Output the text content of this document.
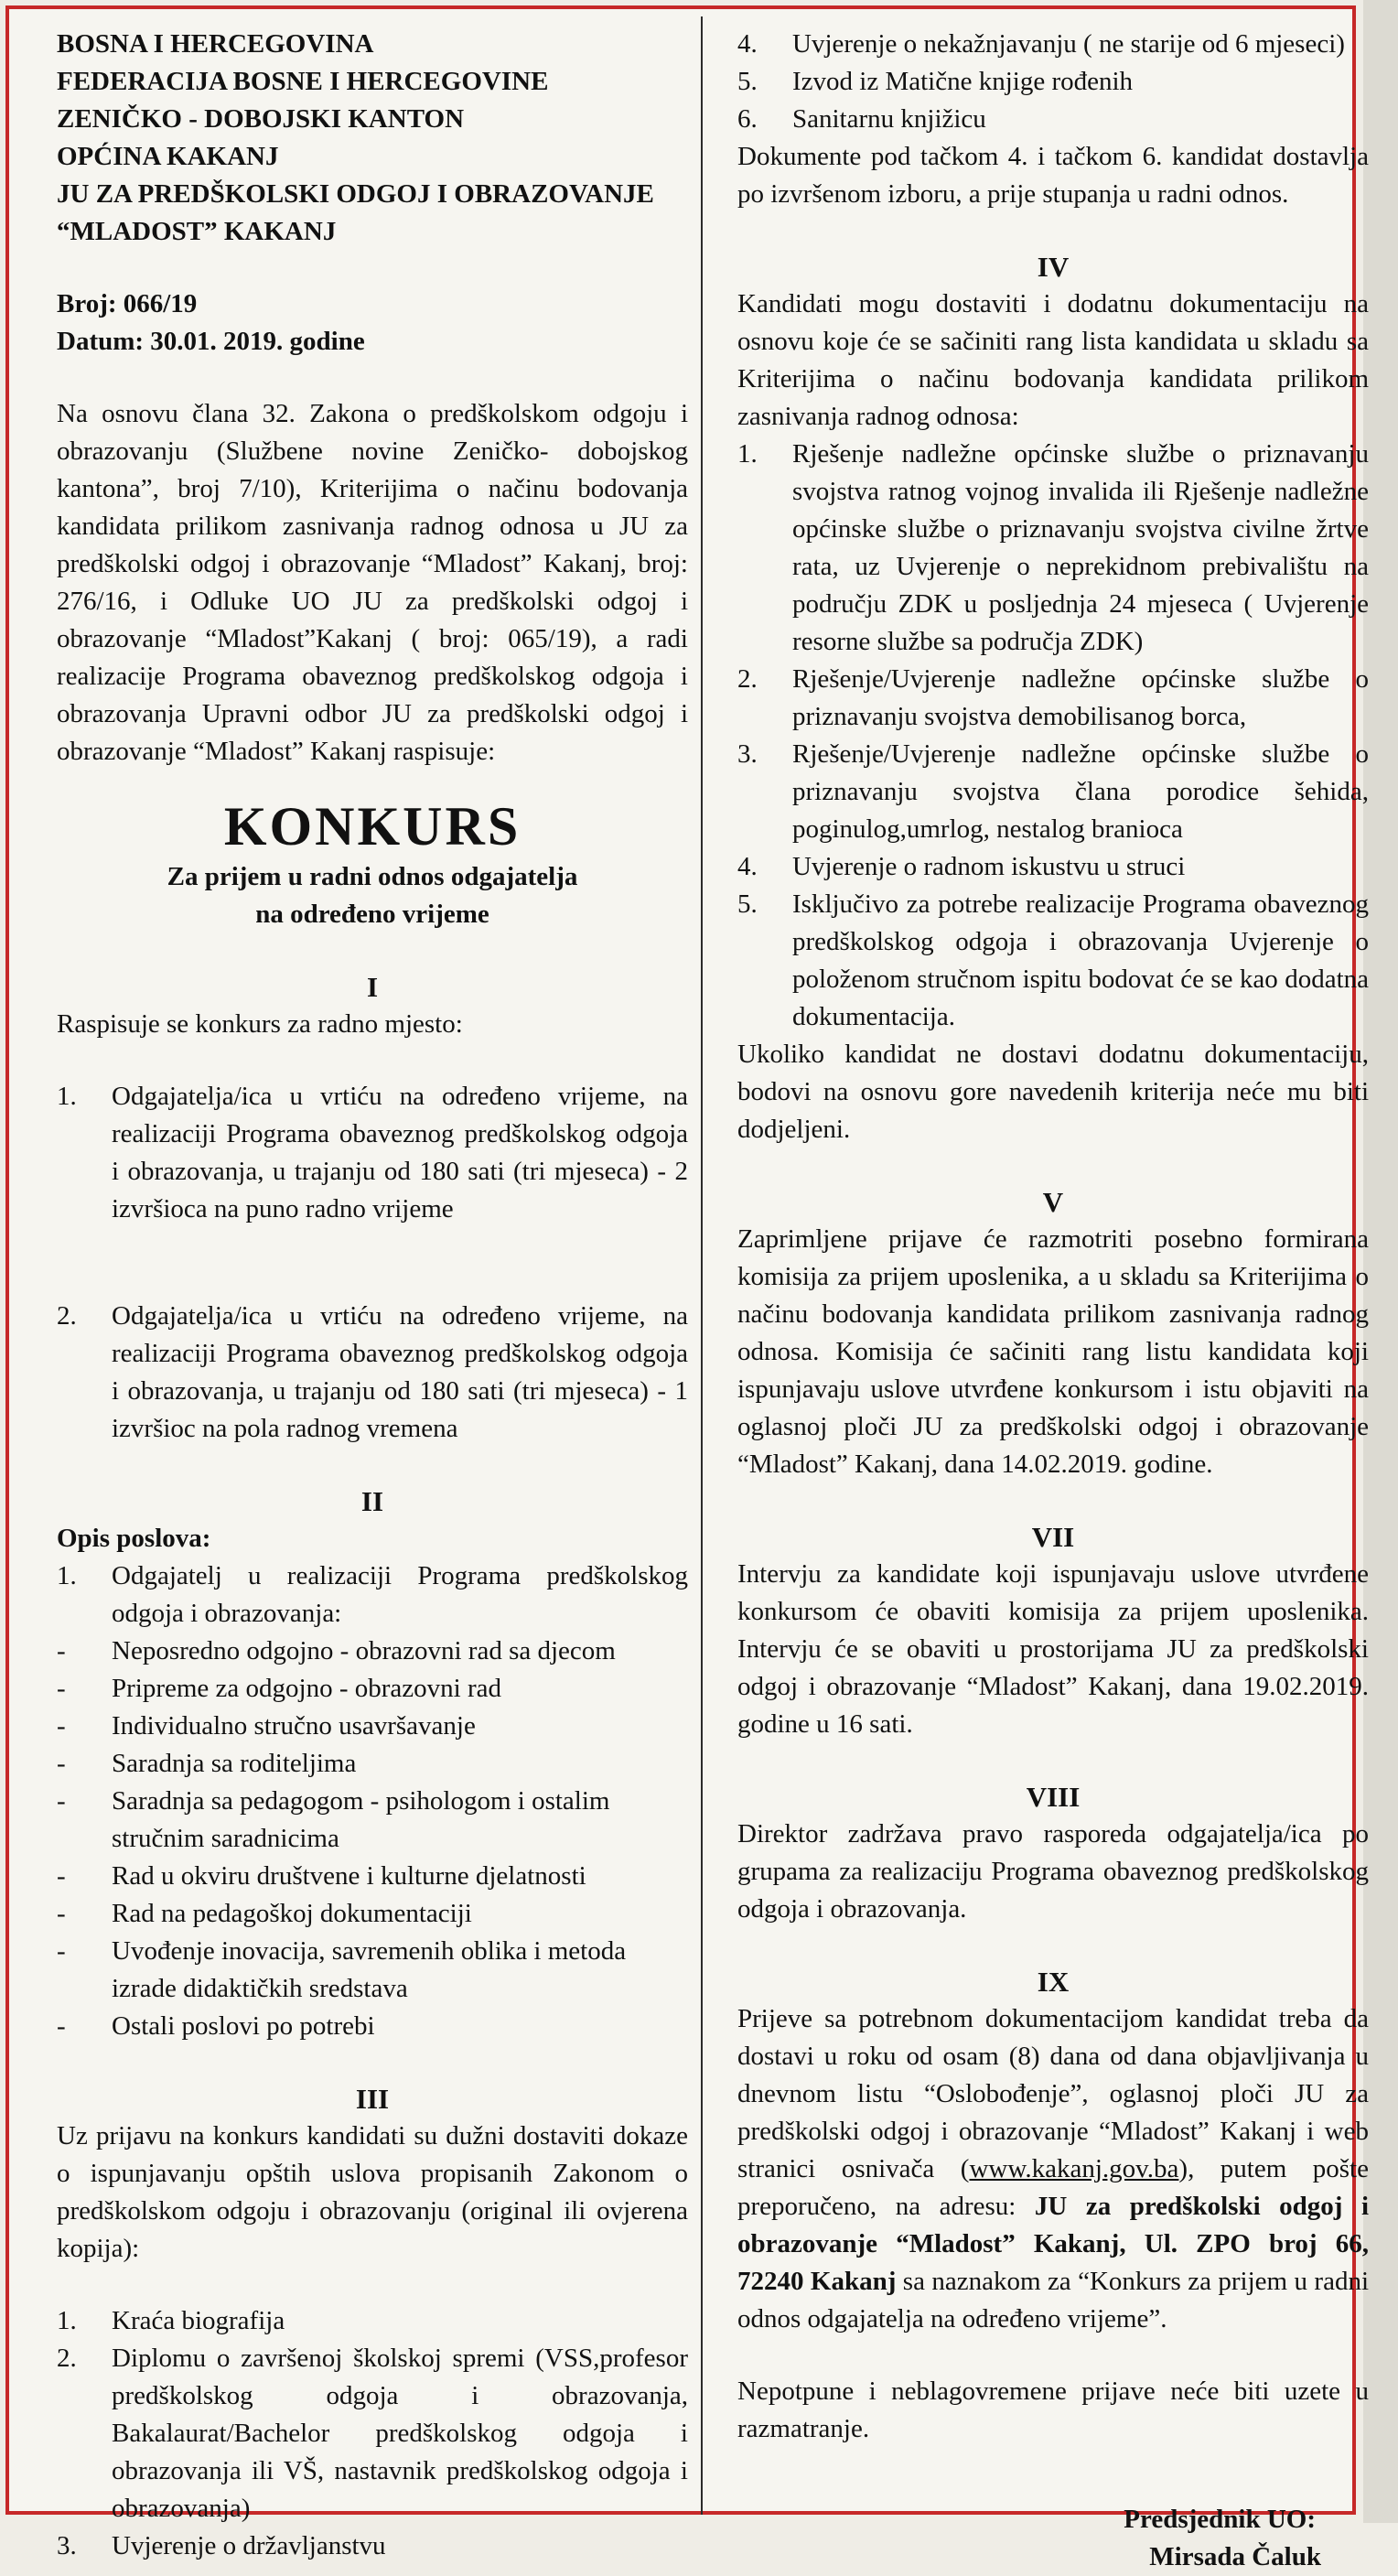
BOSNA I HERCEGOVINA
FEDERACIJA BOSNE I HERCEGOVINE
ZENIČKO - DOBOJSKI KANTON
OPĆINA KAKANJ
JU ZA PREDŠKOLSKI ODGOJ I OBRAZOVANJE
“MLADOST” KAKANJ
Broj: 066/19
Datum: 30.01. 2019. godine
Na osnovu člana 32. Zakona o predškolskom odgoju i obrazovanju (Službene novine Zeničko- dobojskog kantona”, broj 7/10), Kriterijima o načinu bodovanja kandidata prilikom zasnivanja radnog odnosa u JU za predškolski odgoj i obrazovanje “Mladost” Kakanj, broj: 276/16, i Odluke UO JU za predškolski odgoj i obrazovanje “Mladost”Kakanj ( broj: 065/19), a radi realizacije Programa obaveznog predškolskog odgoja i obrazovanja Upravni odbor JU za predškolski odgoj i obrazovanje “Mladost” Kakanj raspisuje:
KONKURS
Za prijem u radni odnos odgajatelja
na određeno vrijeme
I
Raspisuje se konkurs za radno mjesto:
1.	Odgajatelja/ica u vrtiću na određeno vrijeme, na realizaciji Programa obaveznog predškolskog odgoja i obrazovanja, u trajanju od 180 sati (tri mjeseca) - 2 izvršioca na puno radno vrijeme
2.	Odgajatelja/ica u vrtiću na određeno vrijeme, na realizaciji Programa obaveznog predškolskog odgoja i obrazovanja, u trajanju od 180 sati (tri mjeseca) - 1 izvršioc na pola radnog vremena
II
Opis poslova:
1.	Odgajatelj u realizaciji Programa predškolskog odgoja i obrazovanja:
-	Neposredno odgojno - obrazovni rad sa djecom
-	Pripreme za odgojno - obrazovni rad
-	Individualno stručno usavršavanje
-	Saradnja sa roditeljima
-	Saradnja sa pedagogom - psihologom i ostalim stručnim saradnicima
-	Rad u okviru društvene i kulturne djelatnosti
-	Rad na pedagoškoj dokumentaciji
-	Uvođenje inovacija, savremenih oblika i metoda izrade didaktičkih sredstava
-	Ostali poslovi po potrebi
III
Uz prijavu na konkurs kandidati su dužni dostaviti dokaze o ispunjavanju opštih uslova propisanih Zakonom o predškolskom odgoju i obrazovanju (original ili ovjerena kopija):
1.	Kraća biografija
2.	Diplomu o završenoj školskoj spremi (VSS,profesor predškolskog odgoja i obrazovanja, Bakalaurat/Bachelor predškolskog odgoja i obrazovanja ili VŠ, nastavnik predškolskog odgoja i obrazovanja)
3.	Uvjerenje o državljanstvu
4.	Uvjerenje o nekažnjavanju ( ne starije od 6 mjeseci)
5.	Izvod iz Matične knjige rođenih
6.	Sanitarnu knjižicu
Dokumente pod tačkom 4. i tačkom 6. kandidat dostavlja po izvršenom izboru, a prije stupanja u radni odnos.
IV
Kandidati mogu dostaviti i dodatnu dokumentaciju na osnovu koje će se sačiniti rang lista kandidata u skladu sa Kriterijima o načinu bodovanja kandidata prilikom zasnivanja radnog odnosa:
1.	Rješenje nadležne općinske službe o priznavanju svojstva ratnog vojnog invalida ili Rješenje nadležne općinske službe o priznavanju svojstva civilne žrtve rata, uz Uvjerenje o neprekidnom prebivalištu na području ZDK u posljednja 24 mjeseca ( Uvjerenje resorne službe sa područja ZDK)
2.	Rješenje/Uvjerenje nadležne općinske službe o priznavanju svojstva demobilisanog borca,
3.	Rješenje/Uvjerenje nadležne općinske službe o priznavanju svojstva člana porodice šehida, poginulog,umrlog, nestalog branioca
4.	Uvjerenje o radnom iskustvu u struci
5.	Isključivo za potrebe realizacije Programa obaveznog predškolskog odgoja i obrazovanja Uvjerenje o položenom stručnom ispitu bodovat će se kao dodatna dokumentacija.
Ukoliko kandidat ne dostavi dodatnu dokumentaciju, bodovi na osnovu gore navedenih kriterija neće mu biti dodjeljeni.
V
Zaprimljene prijave će razmotriti posebno formirana komisija za prijem uposlenika, a u skladu sa Kriterijima o načinu bodovanja kandidata prilikom zasnivanja radnog odnosa. Komisija će sačiniti rang listu kandidata koji ispunjavaju uslove utvrđene konkursom i istu objaviti na oglasnoj ploči JU za predškolski odgoj i obrazovanje “Mladost” Kakanj, dana 14.02.2019. godine.
VII
Intervju za kandidate koji ispunjavaju uslove utvrđene konkursom će obaviti komisija za prijem uposlenika. Intervju će se obaviti u prostorijama JU za predškolski odgoj i obrazovanje “Mladost” Kakanj, dana 19.02.2019. godine u 16 sati.
VIII
Direktor zadržava pravo rasporeda odgajatelja/ica po grupama za realizaciju Programa obaveznog predškolskog odgoja i obrazovanja.
IX
Prijeve sa potrebnom dokumentacijom kandidat treba da dostavi u roku od osam (8) dana od dana objavljivanja u dnevnom listu “Oslobođenje”, oglasnoj ploči JU za predškolski odgoj i obrazovanje “Mladost” Kakanj i web stranici osnivača (www.kakanj.gov.ba), putem pošte preporučeno, na adresu: JU za predškolski odgoj i obrazovanje “Mladost” Kakanj, Ul. ZPO broj 66, 72240 Kakanj sa naznakom za “Konkurs za prijem u radni odnos odgajatelja na određeno vrijeme”.
Nepotpune i neblagovremene prijave neće biti uzete u razmatranje.
Predsjednik UO:
Mirsada Čaluk
